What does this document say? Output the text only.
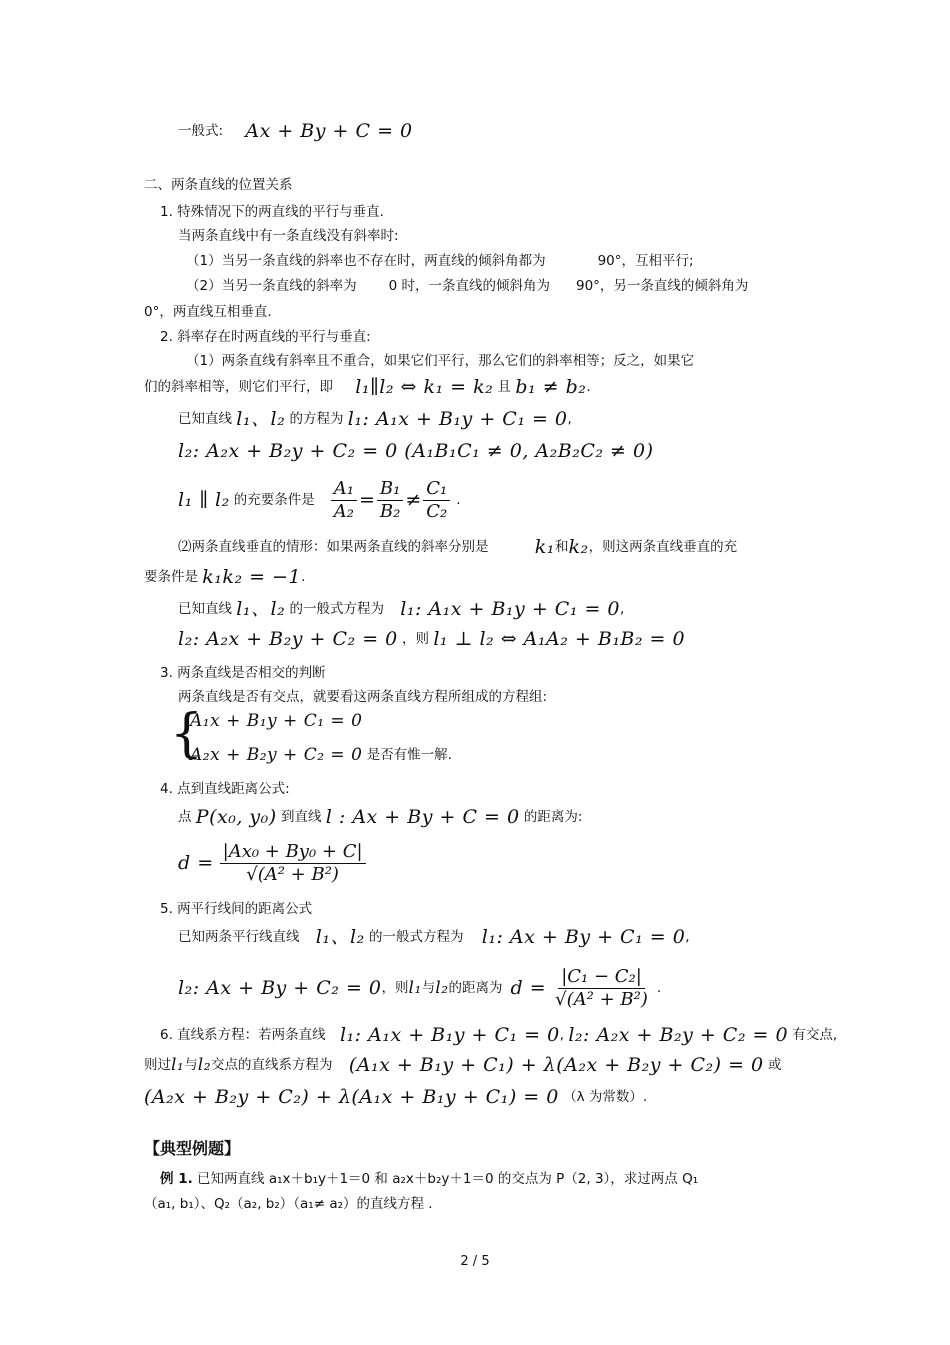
一般式: Ax + By + C = 0
二、两条直线的位置关系
1. 特殊情况下的两直线的平行与垂直.
当两条直线中有一条直线没有斜率时:
（1）当另一条直线的斜率也不存在时，两直线的倾斜角都为	90°，互相平行;
（2）当另一条直线的斜率为 0 时，一条直线的倾斜角为 90°，另一条直线的倾斜角为
0°，两直线互相垂直.
2. 斜率存在时两直线的平行与垂直:
（1）两条直线有斜率且不重合，如果它们平行，那么它们的斜率相等；反之，如果它
们的斜率相等，则它们平行，即 l₁∥l₂ ⇔ k₁ = k₂ 且 b₁ ≠ b₂.
已知直线 l₁、l₂ 的方程为 l₁: A₁x + B₁y + C₁ = 0,
l₂: A₂x + B₂y + C₂ = 0 (A₁B₁C₁ ≠ 0, A₂B₂C₂ ≠ 0)
l₁ ∥ l₂ 的充要条件是 $\frac{\text{A₁}}{\text{A₂}} = \frac{\text{B₁}}{\text{B₂}} \ne \frac{\text{C₁}}{\text{C₂}}$ .
⑵两条直线垂直的情形：如果两条直线的斜率分别是 k₁和k₂，则这两条直线垂直的充
要条件是 k₁k₂ = −1.
已知直线 l₁、l₂ 的一般式方程为 l₁: A₁x + B₁y + C₁ = 0,
l₂: A₂x + B₂y + C₂ = 0 ，则 l₁ ⊥ l₂ ⇔ A₁A₂ + B₁B₂ = 0
3. 两条直线是否相交的判断
两条直线是否有交点，就要看这两条直线方程所组成的方程组:
{
A₁x + B₁y + C₁ = 0
A₂x + B₂y + C₂ = 0 是否有惟一解.
4. 点到直线距离公式:
点 P(x₀, y₀) 到直线 l : Ax + By + C = 0 的距离为:
$d = \frac{\text{|Ax₀ + By₀ + C|}}{\text{√(A² + B²)}}$
5. 两平行线间的距离公式
已知两条平行线直线 l₁、l₂ 的一般式方程为 l₁: Ax + By + C₁ = 0,
l₂: Ax + By + C₂ = 0 ，则 l₁ 与 l₂ 的距离为 $d = \frac{\text{|C₁ − C₂|}}{\text{√(A² + B²)}}$ .
6. 直线系方程：若两条直线 l₁: A₁x + B₁y + C₁ = 0, l₂: A₂x + B₂y + C₂ = 0 有交点,
则过l₁与l₂交点的直线系方程为 (A₁x + B₁y + C₁) + λ(A₂x + B₂y + C₂) = 0 或
(A₂x + B₂y + C₂) + λ(A₁x + B₁y + C₁) = 0 （λ 为常数）.
【典型例题】
例 1. 已知两直线 a₁x＋b₁y＋1＝0 和 a₂x＋b₂y＋1＝0 的交点为 P（2, 3），求过两点 Q₁
（a₁, b₁）、Q₂（a₂, b₂）（a₁≠ a₂）的直线方程 .
2 / 5
